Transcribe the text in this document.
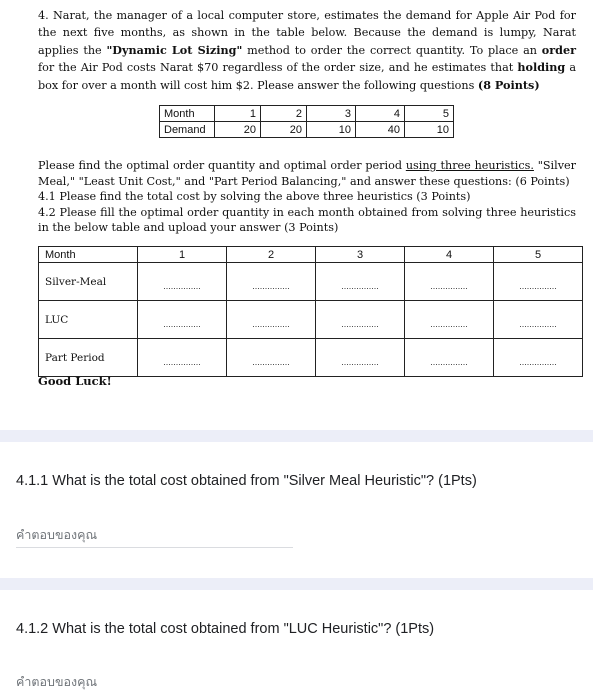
4. Narat, the manager of a local computer store, estimates the demand for Apple Air Pod for the next five months, as shown in the table below. Because the demand is lumpy, Narat applies the "Dynamic Lot Sizing" method to order the correct quantity. To place an order for the Air Pod costs Narat $70 regardless of the order size, and he estimates that holding a box for over a month will cost him $2. Please answer the following questions (8 Points)
Month	1	2	3	4	5
Demand	20	20	10	40	10
Please find the optimal order quantity and optimal order period using three heuristics. "Silver Meal," "Least Unit Cost," and "Part Period Balancing," and answer these questions: (6 Points)
4.1 Please find the total cost by solving the above three heuristics (3 Points)
4.2 Please fill the optimal order quantity in each month obtained from solving three heuristics in the below table and upload your answer (3 Points)
Month	1	2	3	4	5
Silver-Meal	...............	...............	...............	...............	...............
LUC	...............	...............	...............	...............	...............
Part Period	...............	...............	...............	...............	...............
Good Luck!
4.1.1 What is the total cost obtained from "Silver Meal Heuristic"? (1Pts)
คำตอบของคุณ
4.1.2 What is the total cost obtained from "LUC Heuristic"? (1Pts)
คำตอบของคุณ
